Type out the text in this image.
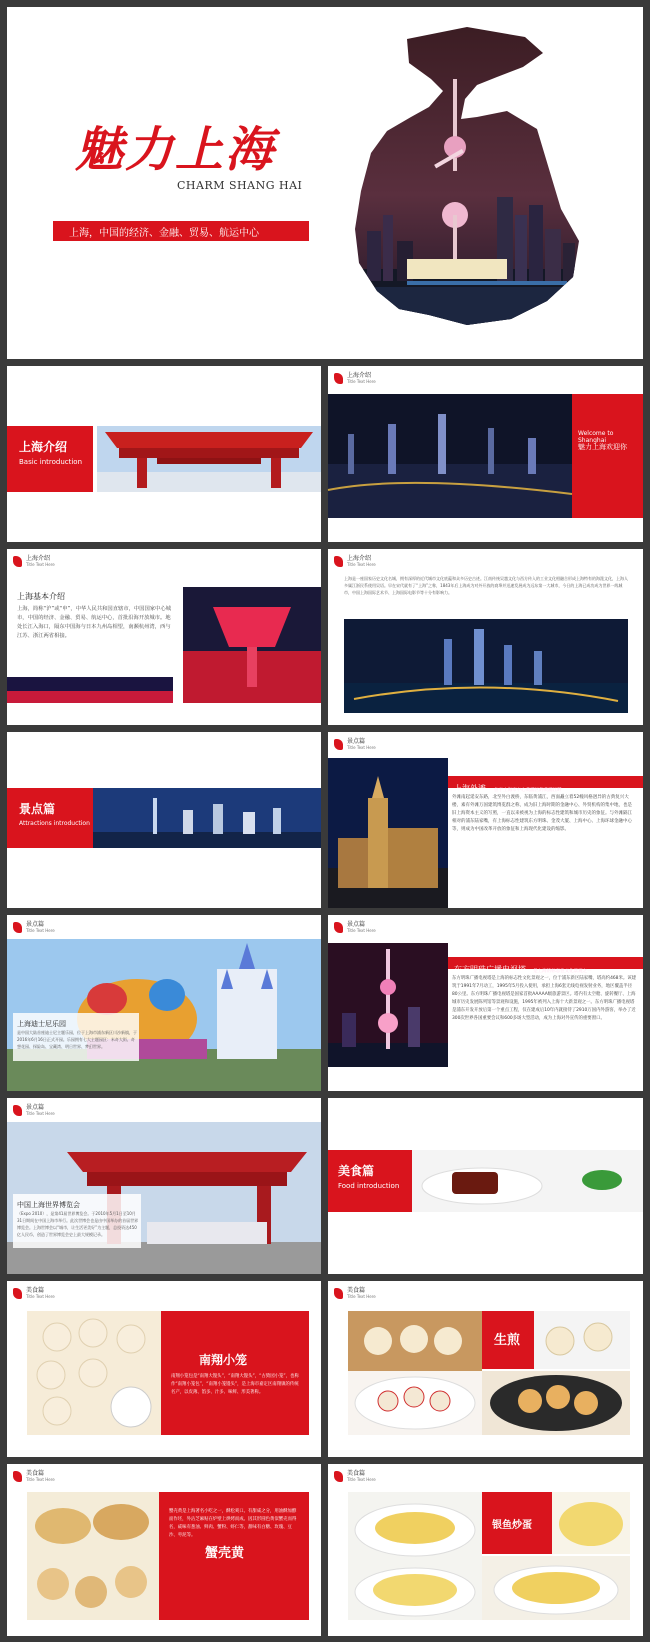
魅力上海
CHARM SHANG HAI
上海，中国的经济、金融、贸易、航运中心
上海介绍
Basic introduction
上海介绍
Title Text Here
Welcome to Shanghai
魅力上海欢迎你
上海介绍
Title Text Here
上海基本介绍
上海，简称“沪”或“申”，中华人民共和国直辖市，中国国家中心城市，中国的经济、金融、贸易、航运中心，首批沿海开放城市。地处长江入海口，隔东中国海与日本九州岛相望，南濒杭州湾，西与江苏、浙江两省相接。
上海介绍
Title Text Here
上海是一座国家历史文化名城，拥有深厚的近代城市文化底蕴和众多历史古迹。江南传统吴越文化与西方传入的工业文化相融合形成上海特有的海派文化，上海人多属江浙民系使用吴语。早在宋代就有了“上海”之称，1843年后上海成为对外开放的商埠并迅速发展成为远东第一大城市，今日的上海已成功成为世界一线城市，中国上海国际艺术节、上海国际电影节等十分有影响力。
景点篇
Attractions introduction
景点篇
Title Text Here
上海外滩 位于上海市中心黄浦区的黄浦江畔
外滩南起延安东路，北至外白渡桥，东临黄浦江，西面矗立着52幢风格迥异的古典复兴大楼，素有外滩万国建筑博览群之称，成为旧上海时期的金融中心、外贸机构的集中地，也是旧上海资本主义的写照，一直以来被视为上海的标志性建筑和城市历史的象征。与外滩隔江相对的浦东陆家嘴，有上海标志性建筑东方明珠、金茂大厦、上海中心、上海环球金融中心等，则成为中国改革开放的象征和上海现代化建设的缩影。
景点篇
Title Text Here
上海迪士尼乐园
是中国大陆首座迪士尼主题乐园，位于上海市浦东新区川沙新镇，于2016年6月16日正式开园。乐园拥有七大主题园区：米奇大街、奇想花园、探险岛、宝藏湾、明日世界、梦幻世界。
景点篇
Title Text Here
东方明珠广播电视塔 是上海的标志性文化景观之一
东方明珠广播电视塔是上海的标志性文化景观之一，位于浦东新区陆家嘴，塔高约468米。该建筑于1991年7月动工，1995年5月投入使用，承担上海6套无线电视发射业务，地区覆盖半径80公里。东方明珠广播电视塔是国家首批AAAAA级旅游景区。塔内有太空舱、旋转餐厅、上海城市历史发展陈列馆等景观和设施，1995年被列入上海十大新景观之一。东方明珠广播电视塔是浦东开发开放后第一个重点工程，仅在建成后10年内就接待了2910万国内外游客，举办了近300次世界各国重要会议和600多场大型活动，成为上海对外宣传的重要窗口。
景点篇
Title Text Here
中国上海世界博览会
（Expo 2010），是第41届世界博览会。于2010年5月1日至10月31日期间在中国上海市举行。此次世博会也是由中国举办的首届世界博览会。上海世博会以“城市，让生活更美好”为主题，总投资达450亿人民币，创造了世界博览会史上最大规模记录。
美食篇
Food introduction
美食篇
Title Text Here
南翔小笼
南翔小笼包是“南翔大馒头”，“南翔大馒头”，“古猗园小笼”，也称作“南翔小笼包”，“南翔小笼馒头”，是上海市嘉定区南翔镇的传统名产，以皮薄、馅多、汁多、味鲜、形美著称。
美食篇
Title Text Here
生煎
美食篇
Title Text Here
蟹壳黄是上海著名小吃之一，酥松爽口。有甜咸之分，用油酥加酵面作坯，外沾芝麻贴在炉壁上烘烤而成。因其形圆色黄似蟹壳而得名，咸味有葱油、鲜肉、蟹粉、虾仁等，甜味有白糖、玫瑰、豆沙、枣泥等。
蟹壳黄
美食篇
Title Text Here
银鱼炒蛋
